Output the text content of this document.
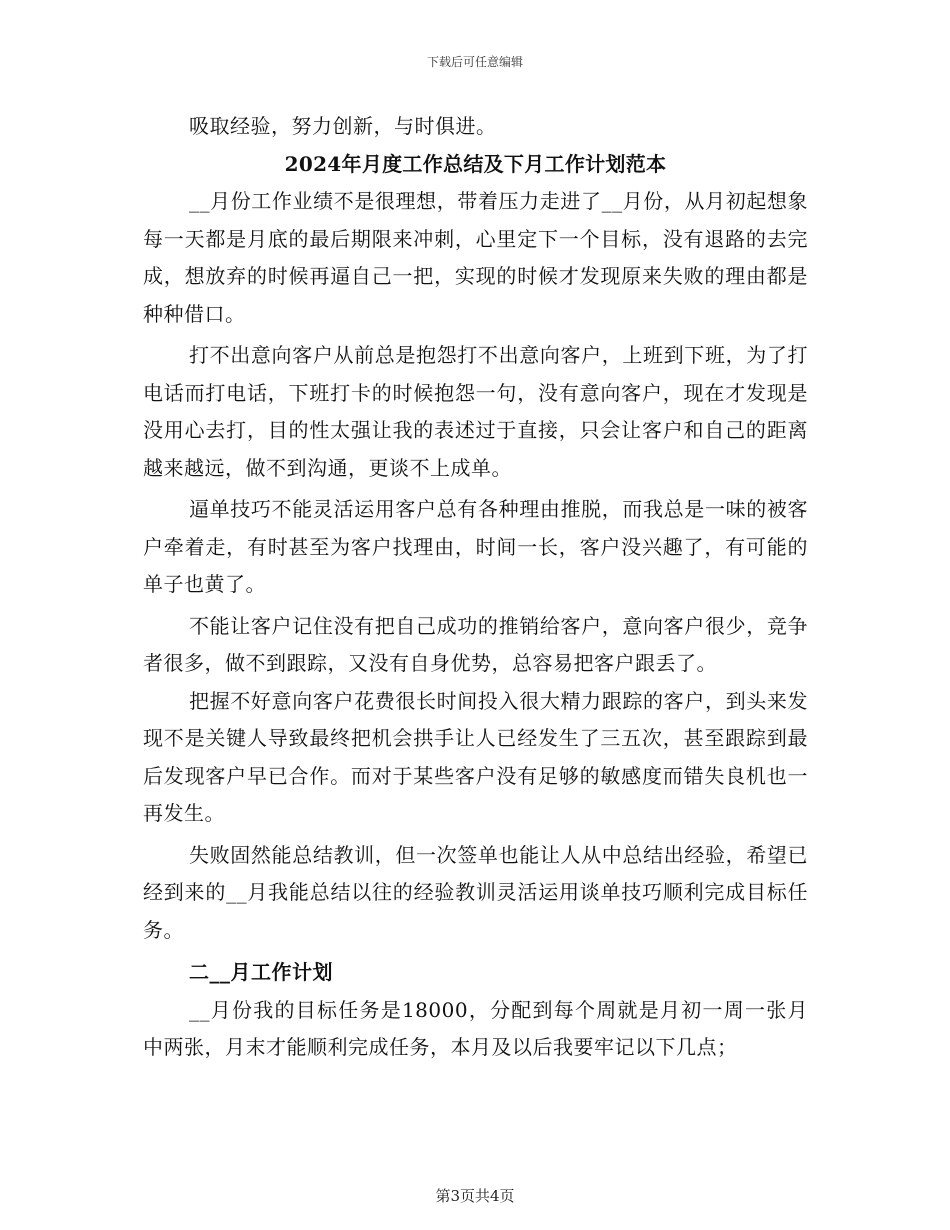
下载后可任意编辑

吸取经验，努力创新，与时俱进。

2024年月度工作总结及下月工作计划范本

__月份工作业绩不是很理想，带着压力走进了__月份，从月初起想象每一天都是月底的最后期限来冲刺，心里定下一个目标，没有退路的去完成，想放弃的时候再逼自己一把，实现的时候才发现原来失败的理由都是种种借口。

打不出意向客户从前总是抱怨打不出意向客户，上班到下班，为了打电话而打电话，下班打卡的时候抱怨一句，没有意向客户，现在才发现是没用心去打，目的性太强让我的表述过于直接，只会让客户和自己的距离越来越远，做不到沟通，更谈不上成单。

逼单技巧不能灵活运用客户总有各种理由推脱，而我总是一味的被客户牵着走，有时甚至为客户找理由，时间一长，客户没兴趣了，有可能的单子也黄了。

不能让客户记住没有把自己成功的推销给客户，意向客户很少，竞争者很多，做不到跟踪，又没有自身优势，总容易把客户跟丢了。

把握不好意向客户花费很长时间投入很大精力跟踪的客户，到头来发现不是关键人导致最终把机会拱手让人已经发生了三五次，甚至跟踪到最后发现客户早已合作。而对于某些客户没有足够的敏感度而错失良机也一再发生。

失败固然能总结教训，但一次签单也能让人从中总结出经验，希望已经到来的__月我能总结以往的经验教训灵活运用谈单技巧顺利完成目标任务。

二__月工作计划

__月份我的目标任务是18000，分配到每个周就是月初一周一张月中两张，月末才能顺利完成任务，本月及以后我要牢记以下几点；

第3页共4页
